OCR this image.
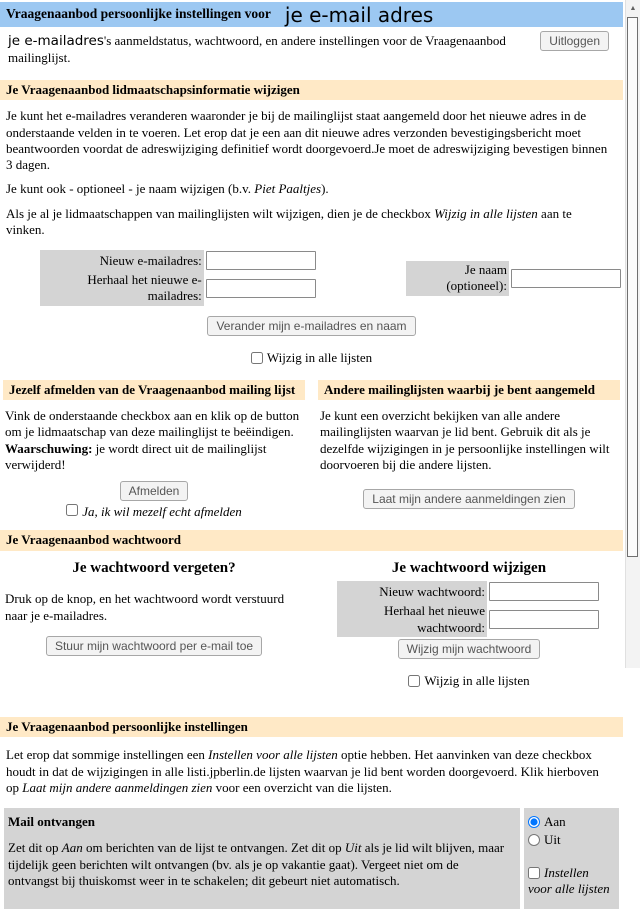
Vraagenaanbod persoonlijke instellingen voor je e-mail adres

je e-mailadres's aanmeldstatus, wachtwoord, en andere instellingen voor de Vraagenaanbod mailinglijst.

Uitloggen
Je Vraagenaanbod lidmaatschapsinformatie wijzigen

Je kunt het e-mailadres veranderen waaronder je bij de mailinglijst staat aangemeld door het nieuwe adres in de onderstaande velden in te voeren. Let erop dat je een aan dit nieuwe adres verzonden bevestigingsbericht moet beantwoorden voordat de adreswijziging definitief wordt doorgevoerd.Je moet de adreswijziging bevestigen binnen 3 dagen.

Je kunt ook - optioneel - je naam wijzigen (b.v. Piet Paaltjes).

Als je al je lidmaatschappen van mailinglijsten wilt wijzigen, dien je de checkbox Wijzig in alle lijsten aan te vinken.

Nieuw e-mailadres:	
Herhaal het nieuwe e-mailadres:	
Je naam (optioneel):	
Verander mijn e-mailadres en naam
Wijzig in alle lijsten
Jezelf afmelden van de Vraagenaanbod mailing lijst

Vink de onderstaande checkbox aan en klik op de button om je lidmaatschap van deze mailinglijst te beëindigen. Waarschuwing: je wordt direct uit de mailinglijst verwijderd!

Afmelden
Ja, ik wil mezelf echt afmelden
Andere mailinglijsten waarbij je bent aangemeld

Je kunt een overzicht bekijken van alle andere mailinglijsten waarvan je lid bent. Gebruik dit als je dezelfde wijzigingen in je persoonlijke instellingen wilt doorvoeren bij die andere lijsten.

Laat mijn andere aanmeldingen zien
Je Vraagenaanbod wachtwoord
Je wachtwoord vergeten?

Druk op de knop, en het wachtwoord wordt verstuurd naar je e-mailadres.

Stuur mijn wachtwoord per e-mail toe
Je wachtwoord wijzigen
Nieuw wachtwoord:	
Herhaal het nieuwe wachtwoord:	
Wijzig mijn wachtwoord
Wijzig in alle lijsten
Je Vraagenaanbod persoonlijke instellingen

Let erop dat sommige instellingen een Instellen voor alle lijsten optie hebben. Het aanvinken van deze checkbox houdt in dat de wijzigingen in alle listi.jpberlin.de lijsten waarvan je lid bent worden doorgevoerd. Klik hierboven op Laat mijn andere aanmeldingen zien voor een overzicht van die lijsten.

Mail ontvangen
Zet dit op Aan om berichten van de lijst te ontvangen. Zet dit op Uit als je lid wilt blijven, maar tijdelijk geen berichten wilt ontvangen (bv. als je op vakantie gaat). Vergeet niet om de ontvangst bij thuiskomst weer in te schakelen; dit gebeurt niet automatisch.

Aan
Uit
Instellen voor alle lijsten
▲
